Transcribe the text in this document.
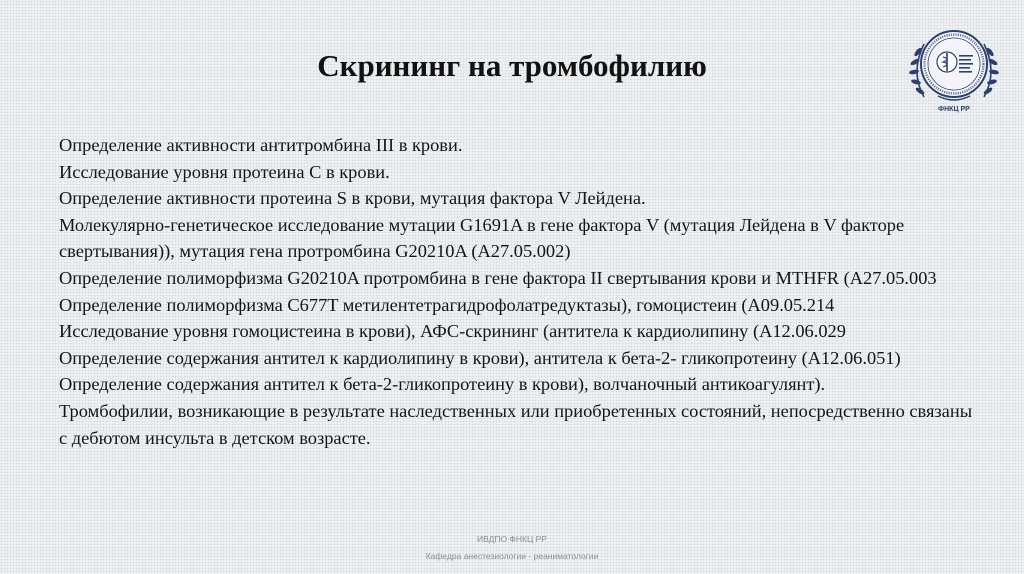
Скрининг на тромбофилию
ФНКЦ РР

Определение активности антитромбина III в крови.

Исследование уровня протеина С в крови.

Определение активности протеина S в крови, мутация фактора V Лейдена.

Молекулярно-генетическое исследование мутации G1691A в гене фактора V (мутация Лейдена в V факторе свертывания)), мутация гена протромбина G20210A (A27.05.002)

Определение полиморфизма G20210A протромбина в гене фактора II свертывания крови и MTHFR (A27.05.003 Определение полиморфизма C677T метилентетрагидрофолатредуктазы), гомоцистеин (A09.05.214

Исследование уровня гомоцистеина в крови), АФС-скрининг (антитела к кардиолипину (A12.06.029

Определение содержания антител к кардиолипину в крови), антитела к бета-2- гликопротеину (A12.06.051) Определение содержания антител к бета-2-гликопротеину в крови), волчаночный антикоагулянт).

Тромбофилии, возникающие в результате наследственных или приобретенных состояний, непосредственно связаны с дебютом инсульта в детском возрасте.

ИВДПО ФНКЦ РР
Кафедра анестезиологии - реаниматологии
